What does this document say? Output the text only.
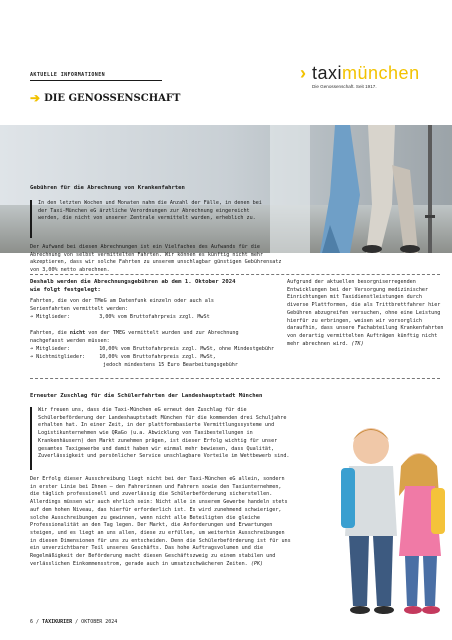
AKTUELLE INFORMATIONEN
➔ DIE GENOSSENSCHAFT
› taximünchen
Die Genossenschaft. Seit 1917.
Gebühren für die Abrechnung von Krankenfahrten
In den letzten Wochen und Monaten nahm die Anzahl der Fälle, in denen bei der Taxi-München eG ärztliche Verordnungen zur Abrechnung eingereicht werden, die nicht von unserer Zentrale vermittelt wurden, erheblich zu.
Der Aufwand bei diesen Abrechnungen ist ein Vielfaches des Aufwands für die Abrechnung von selbst vermittelten Fahrten. Wir können es künftig nicht mehr akzeptieren, dass wir solche Fahrten zu unserem unschlagbar günstigen Gebührensatz von 3,00% netto abrechnen.
Deshalb werden die Abrechnungsgebühren ab dem 1. Oktober 2024 wie folgt festgelegt:
Fahrten, die von der TMeG am Datenfunk einzeln oder auch als Serienfahrten vermittelt werden:
➔ Mitglieder:	3,00% vom Bruttofahrpreis zzgl. MwSt
Fahrten, die nicht von der TMEG vermittelt wurden und zur Abrechnung nachgefasst werden müssen:
➔ Mitglieder:	10,00% vom Bruttofahrpreis zzgl. MwSt, ohne Mindestgebühr
➔ Nichtmitglieder:	10,00% vom Bruttofahrpreis zzgl. MwSt,
jedoch mindestens 15 Euro Bearbeitungsgebühr
Aufgrund der aktuellen besorgniserregenden Entwicklungen bei der Versorgung medizinischer Einrichtungen mit Taxidienstleistungen durch diverse Plattformen, die als Trittbrettfahrer hier Gebühren abzugreifen versuchen, ohne eine Leistung hierfür zu erbringen, weisen wir vorsorglich daraufhin, dass unsere Fachabteilung Krankenfahrten von derartig vermittelten Aufträgen künftig nicht mehr abrechnen wird. (TK)
Erneuter Zuschlag für die Schülerfahrten der Landeshauptstadt München
Wir freuen uns, dass die Taxi-München eG erneut den Zuschlag für die Schülerbeförderung der Landeshauptstadt München für die kommenden drei Schuljahre erhalten hat. In einer Zeit, in der plattformbasierte Vermittlungssysteme und Logistikunternehmen wie QRaGo (u.a. Abwicklung von Taxibestellungen in Krankenhäusern) den Markt zunehmen prägen, ist dieser Erfolg wichtig für unser gesamtes Taxigewerbe und damit haben wir einmal mehr bewiesen, dass Qualität, Zuverlässigkeit und persönlicher Service unschlagbare Vorteile im Wettbewerb sind.
Der Erfolg dieser Ausschreibung liegt nicht bei der Taxi-München eG allein, sondern in erster Linie bei Ihnen – den Fahrerinnen und Fahrern sowie den Taxiunternehmen, die täglich professionell und zuverlässig die Schülerbeförderung sicherstellen. Allerdings müssen wir auch ehrlich sein: Nicht alle in unserem Gewerbe handeln stets auf dem hohen Niveau, das hierfür erforderlich ist. Es wird zunehmend schwieriger, solche Ausschreibungen zu gewinnen, wenn nicht alle Beteiligten die gleiche Professionalität an den Tag legen. Der Markt, die Anforderungen und Erwartungen steigen, und es liegt an uns allen, diese zu erfüllen, um weiterhin Ausschreibungen in diesen Dimensionen für uns zu entscheiden. Denn die Schülerbeförderung ist für uns ein unverzichtbarer Teil unseres Geschäfts. Das hohe Auftragsvolumen und die Regelmäßigkeit der Beförderung macht diesen Geschäftszweig zu einem stabilen und verlässlichen Einkommensstrom, gerade auch in umsatzschwächeren Zeiten. (PK)
6 / TAXIKURIER / OKTOBER 2024
